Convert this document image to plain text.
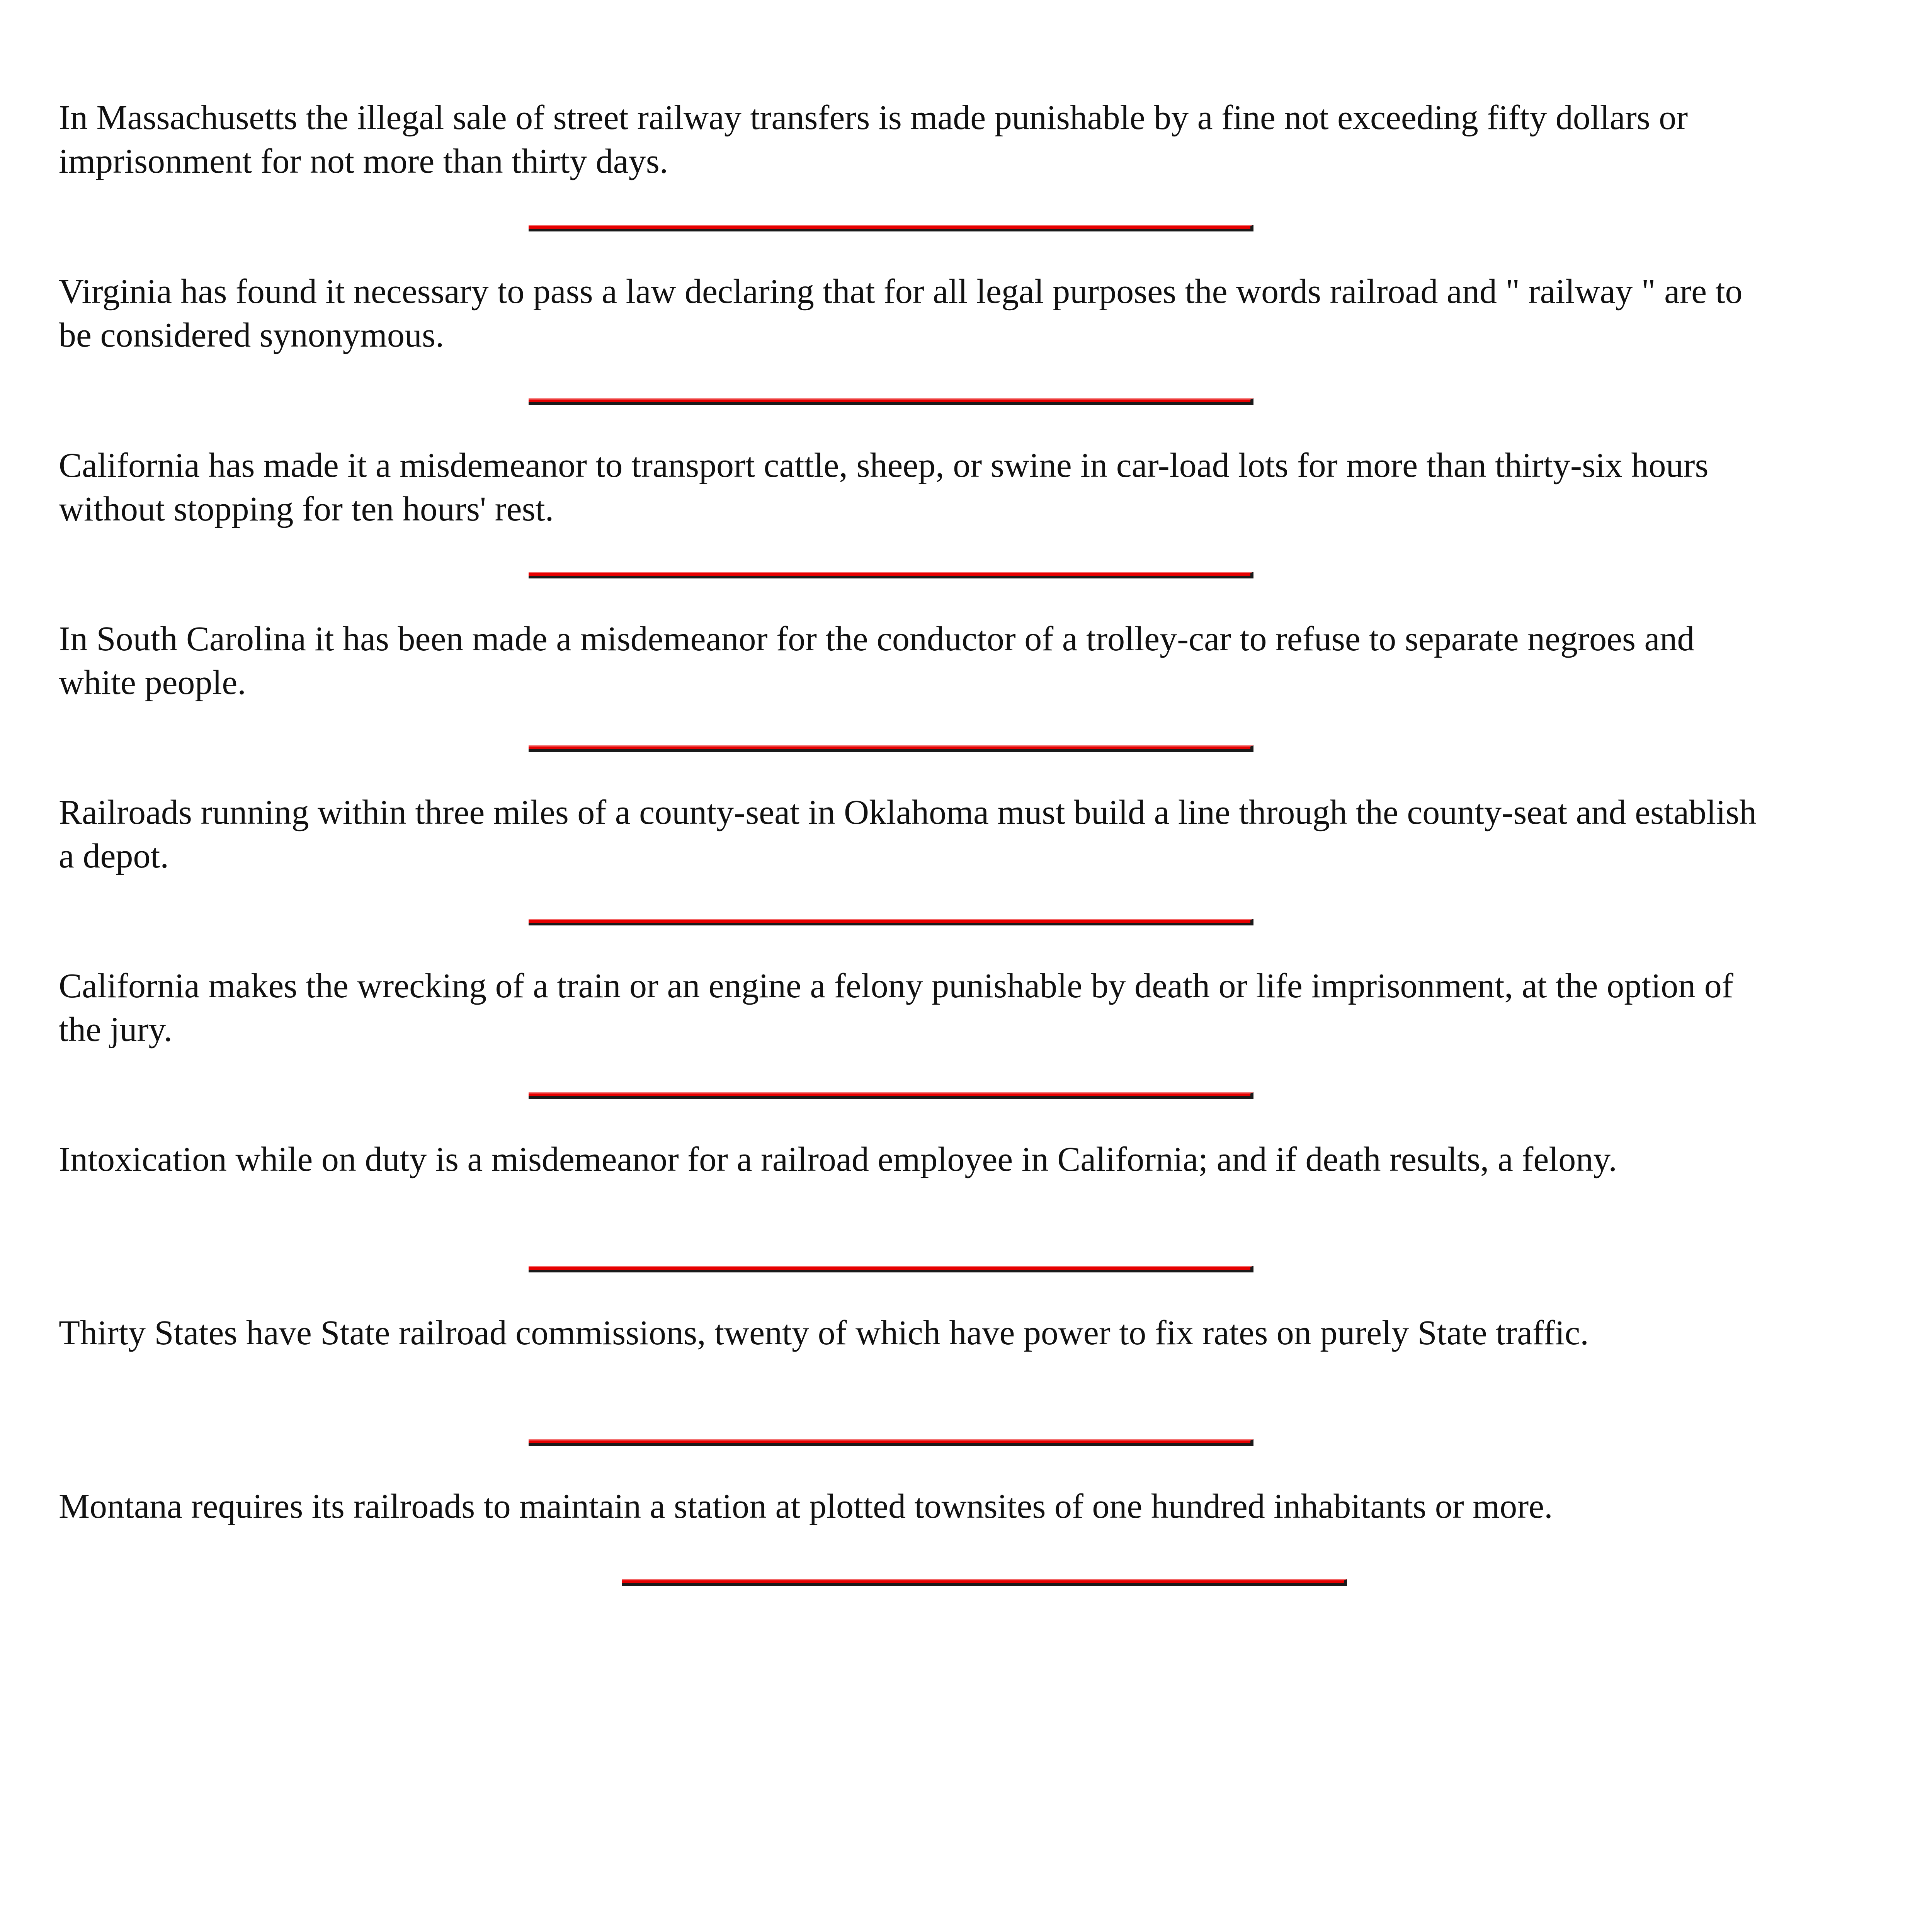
In Massachusetts the illegal sale of street railway transfers is made punishable by a fine not exceeding fifty dollars or imprisonment for not more than thirty days.

Virginia has found it necessary to pass a law declaring that for all legal purposes the words railroad and " railway " are to be considered synonymous.

California has made it a misdemeanor to transport cattle, sheep, or swine in car-load lots for more than thirty-six hours without stopping for ten hours' rest.

In South Carolina it has been made a misdemeanor for the conductor of a trolley-car to refuse to separate negroes and white people.

Railroads running within three miles of a county-seat in Oklahoma must build a line through the county-seat and establish a depot.

California makes the wrecking of a train or an engine a felony punishable by death or life imprisonment, at the option of the jury.

Intoxication while on duty is a misdemeanor for a railroad employee in California; and if death results, a felony.

Thirty States have State railroad commissions, twenty of which have power to fix rates on purely State traffic.

Montana requires its railroads to maintain a station at plotted townsites of one hundred inhabitants or more.
